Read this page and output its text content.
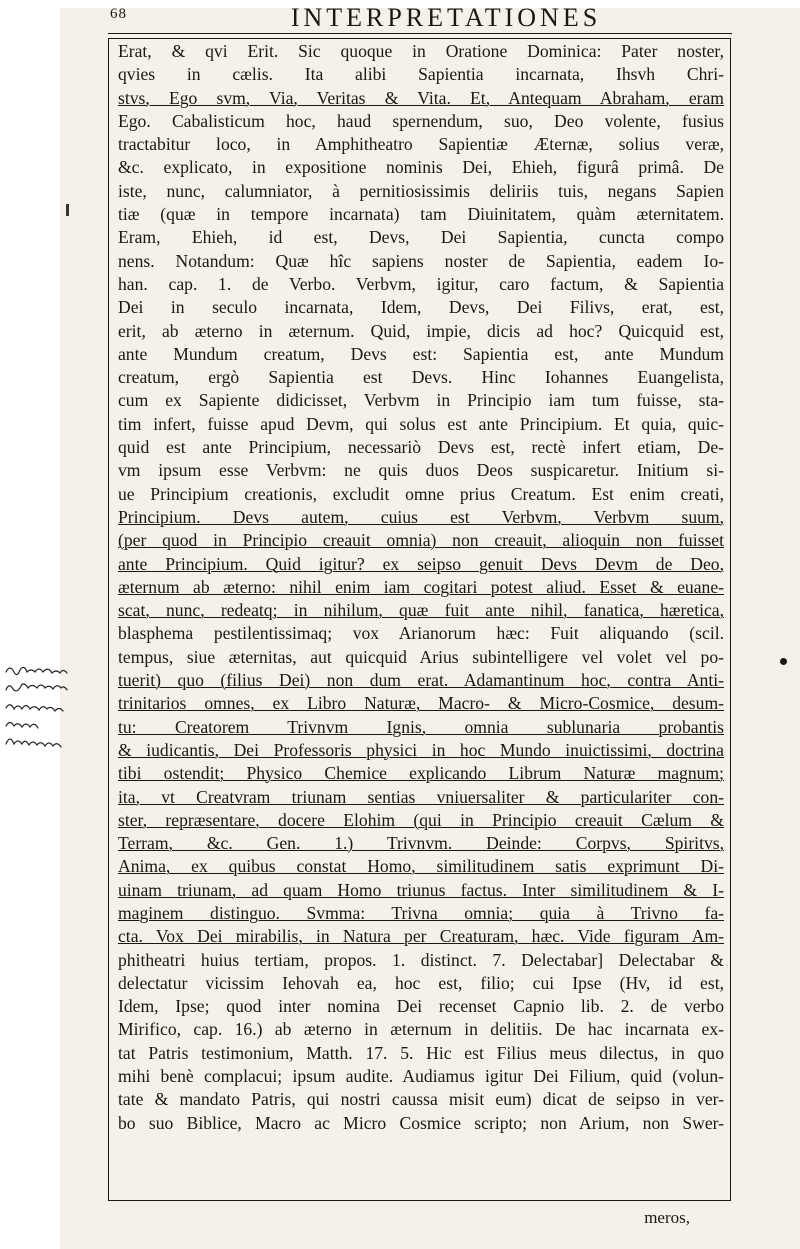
68	INTERPRETATIONES
Erat, & qvi Erit. Sic quoque in Oratione Dominica: Pater noster,
qvies in cælis. Ita alibi Sapientia incarnata, Ihsvh Chri-
stvs, Ego svm, Via, Veritas & Vita. Et, Antequam Abraham, eram
Ego. Cabalisticum hoc, haud spernendum, suo, Deo volente, fusius
tractabitur loco, in Amphitheatro Sapientiæ Æternæ, solius veræ,
&c. explicato, in expositione nominis Dei, Ehieh, figurâ primâ. De
iste, nunc, calumniator, à pernitiosissimis deliriis tuis, negans Sapien
tiæ (quæ in tempore incarnata) tam Diuinitatem, quàm æternitatem.
Eram, Ehieh, id est, Devs, Dei Sapientia, cuncta compo
nens. Notandum: Quæ hîc sapiens noster de Sapientia, eadem Io-
han. cap. 1. de Verbo. Verbvm, igitur, caro factum, & Sapientia
Dei in seculo incarnata, Idem, Devs, Dei Filivs, erat, est,
erit, ab æterno in æternum. Quid, impie, dicis ad hoc? Quicquid est,
ante Mundum creatum, Devs est: Sapientia est, ante Mundum
creatum, ergò Sapientia est Devs. Hinc Iohannes Euangelista,
cum ex Sapiente didicisset, Verbvm in Principio iam tum fuisse, sta-
tim infert, fuisse apud Devm, qui solus est ante Principium. Et quia, quic-
quid est ante Principium, necessariò Devs est, rectè infert etiam, De-
vm ipsum esse Verbvm: ne quis duos Deos suspicaretur. Initium si-
ue Principium creationis, excludit omne prius Creatum. Est enim creati,
Principium. Devs autem, cuius est Verbvm, Verbvm suum,
(per quod in Principio creauit omnia) non creauit, alioquin non fuisset
ante Principium. Quid igitur? ex seipso genuit Devs Devm de Deo,
æternum ab æterno: nihil enim iam cogitari potest aliud. Esset & euane-
scat, nunc, redeatq; in nihilum, quæ fuit ante nihil, fanatica, hæretica,
blasphema pestilentissimaq; vox Arianorum hæc: Fuit aliquando (scil.
tempus, siue æternitas, aut quicquid Arius subintelligere vel volet vel po-
tuerit) quo (filius Dei) non dum erat. Adamantinum hoc, contra Anti-
trinitarios omnes, ex Libro Naturæ, Macro- & Micro-Cosmice, desum-
tu: Creatorem Trivnvm Ignis, omnia sublunaria probantis
& iudicantis, Dei Professoris physici in hoc Mundo inuictissimi, doctrina
tibi ostendit; Physico Chemice explicando Librum Naturæ magnum;
ita, vt Creatvram triunam sentias vniuersaliter & particulariter con-
ster, repræsentare, docere Elohim (qui in Principio creauit Cælum &
Terram, &c. Gen. 1.) Trivnvm. Deinde: Corpvs, Spiritvs,
Anima, ex quibus constat Homo, similitudinem satis exprimunt Di-
uinam triunam, ad quam Homo triunus factus. Inter similitudinem & I-
maginem distinguo. Svmma: Trivna omnia; quia à Trivno fa-
cta. Vox Dei mirabilis, in Natura per Creaturam, hæc. Vide figuram Am-
phitheatri huius tertiam, propos. 1. distinct. 7. Delectabar] Delectabar &
delectatur vicissim Iehovah ea, hoc est, filio; cui Ipse (Hv, id est,
Idem, Ipse; quod inter nomina Dei recenset Capnio lib. 2. de verbo
Mirifico, cap. 16.) ab æterno in æternum in delitiis. De hac incarnata ex-
tat Patris testimonium, Matth. 17. 5. Hic est Filius meus dilectus, in quo
mihi benè complacui; ipsum audite. Audiamus igitur Dei Filium, quid (volun-
tate & mandato Patris, qui nostri caussa misit eum) dicat de seipso in ver-
bo suo Biblice, Macro ac Micro Cosmice scripto; non Arium, non Swer-
meros,
